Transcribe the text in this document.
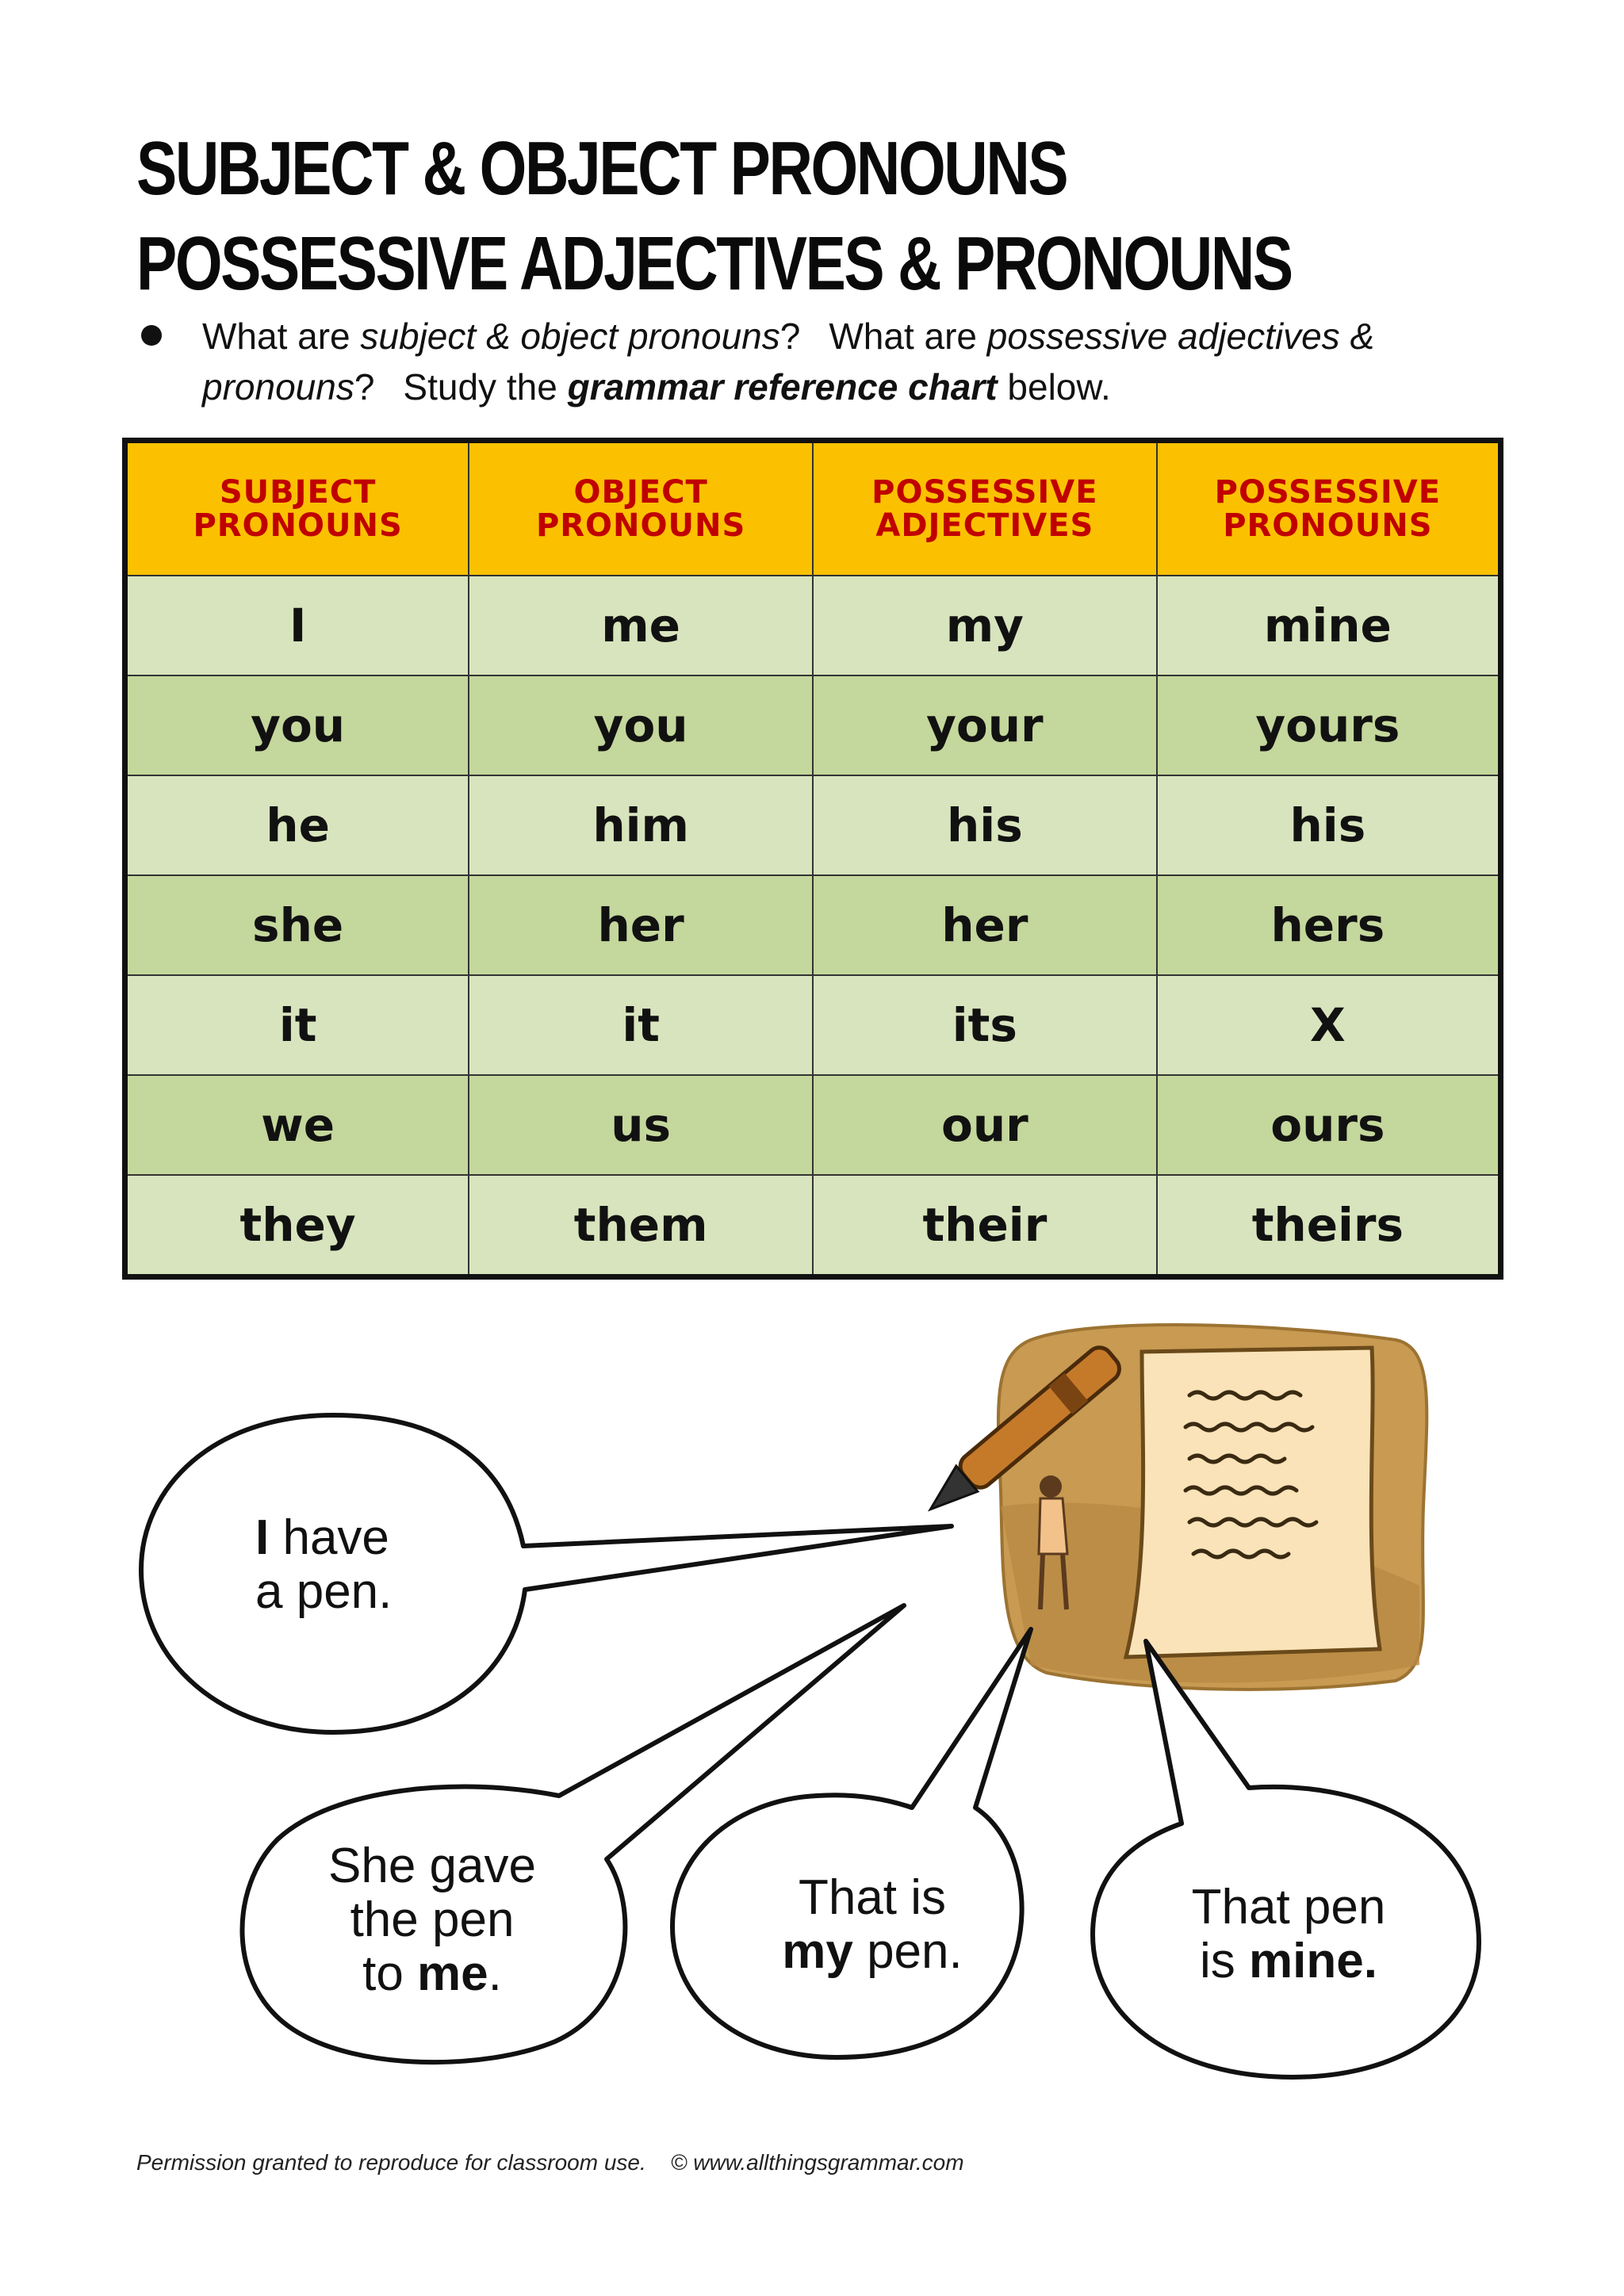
SUBJECT & OBJECT PRONOUNS
POSSESSIVE ADJECTIVES & PRONOUNS
What are subject & object pronouns? What are possessive adjectives &
pronouns? Study the grammar reference chart below.
SUBJECT PRONOUNS	OBJECT PRONOUNS	POSSESSIVE ADJECTIVES	POSSESSIVE PRONOUNS
I	me	my	mine
you	you	your	yours
he	him	his	his
she	her	her	hers
it	it	its	X
we	us	our	ours
they	them	their	theirs
I have
a pen.
She gave
the pen
to me.
That is
my pen.
That pen
is mine.
Permission granted to reproduce for classroom use. © www.allthingsgrammar.com
